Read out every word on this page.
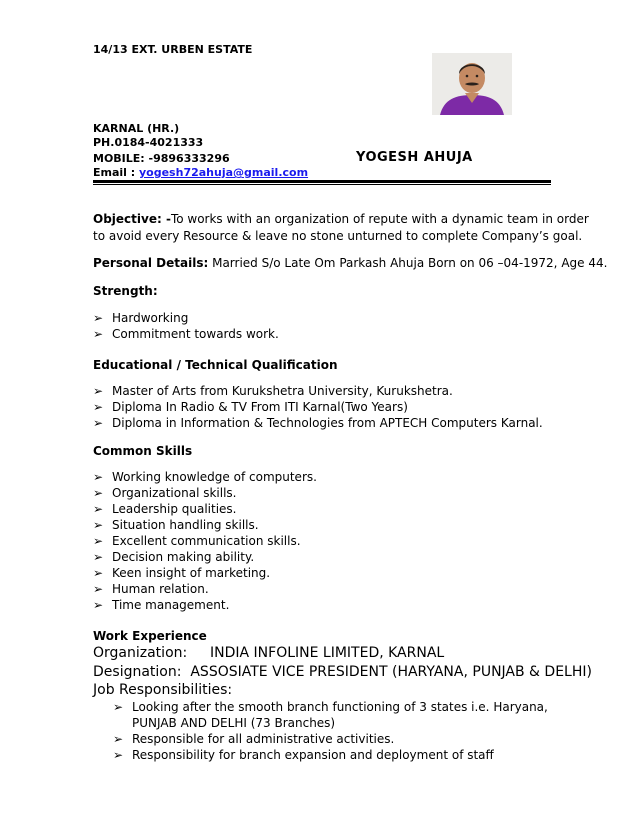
14/13 EXT. URBEN ESTATE
KARNAL (HR.)
PH.0184-4021333
MOBILE: -9896333296	YOGESH AHUJA
Email : yogesh72ahuja@gmail.com
Objective: -To works with an organization of repute with a dynamic team in order
to avoid every Resource & leave no stone unturned to complete Company’s goal.
Personal Details: Married S/o Late Om Parkash Ahuja Born on 06 –04-1972, Age 44.
Strength:
➢ Hardworking
➢ Commitment towards work.
Educational / Technical Qualification
➢ Master of Arts from Kurukshetra University, Kurukshetra.
➢ Diploma In Radio & TV From ITI Karnal(Two Years)
➢ Diploma in Information & Technologies from APTECH Computers Karnal.
Common Skills
➢ Working knowledge of computers.
➢ Organizational skills.
➢ Leadership qualities.
➢ Situation handling skills.
➢ Excellent communication skills.
➢ Decision making ability.
➢ Keen insight of marketing.
➢ Human relation.
➢ Time management.
Work Experience
Organization: INDIA INFOLINE LIMITED, KARNAL
Designation: ASSOSIATE VICE PRESIDENT (HARYANA, PUNJAB & DELHI)
Job Responsibilities:
➢ Looking after the smooth branch functioning of 3 states i.e. Haryana, PUNJAB AND DELHI (73 Branches)
➢ Responsible for all administrative activities.
➢ Responsibility for branch expansion and deployment of staff
